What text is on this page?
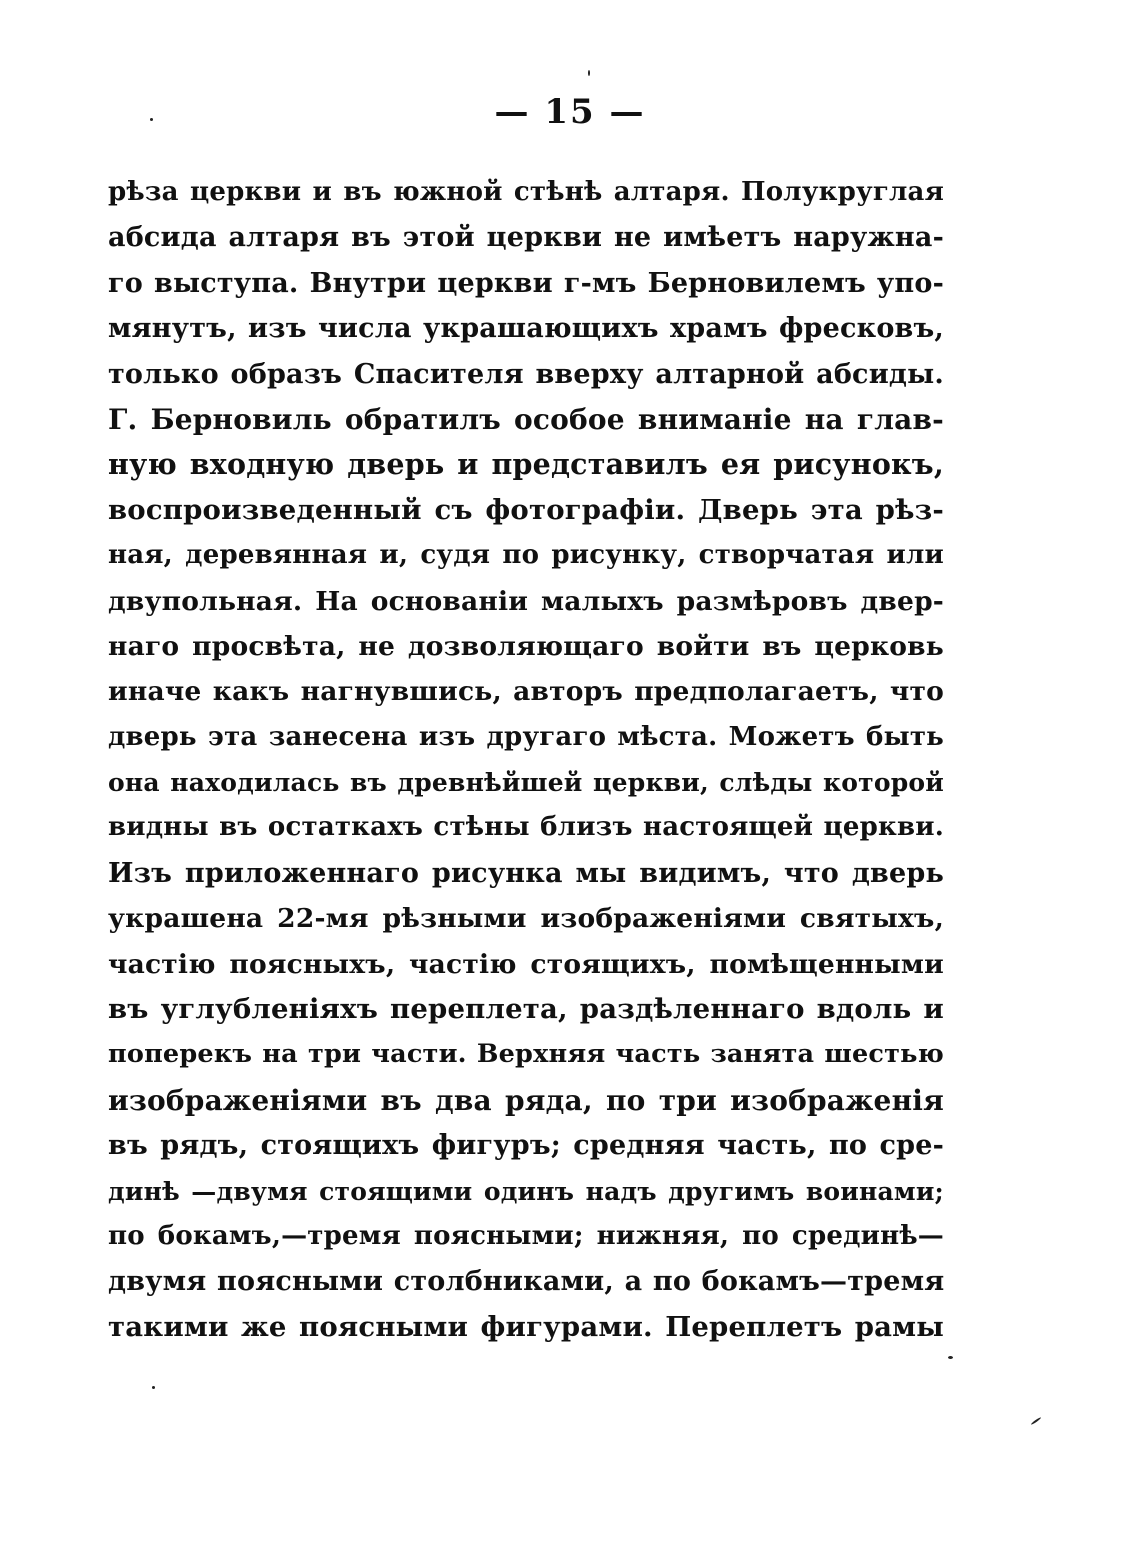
— 15 —
рѣза церкви и въ южной стѣнѣ алтаря. Полукруглая
абсида алтаря въ этой церкви не имѣетъ наружна-
го выступа. Внутри церкви г-мъ Берновилемъ упо-
мянутъ, изъ числа украшающихъ храмъ фресковъ,
только образъ Спасителя вверху алтарной абсиды.
Г. Берновиль обратилъ особое вниманіе на глав-
ную входную дверь и представилъ ея рисунокъ,
воспроизведенный съ фотографіи. Дверь эта рѣз-
ная, деревянная и, судя по рисунку, створчатая или
двупольная. На основаніи малыхъ размѣровъ двер-
наго просвѣта, не дозволяющаго войти въ церковь
иначе какъ нагнувшись, авторъ предполагаетъ, что
дверь эта занесена изъ другаго мѣста. Можетъ быть
она находилась въ древнѣйшей церкви, слѣды которой
видны въ остаткахъ стѣны близъ настоящей церкви.
Изъ приложеннаго рисунка мы видимъ, что дверь
украшена 22-мя рѣзными изображеніями святыхъ,
частію поясныхъ, частію стоящихъ, помѣщенными
въ углубленіяхъ переплета, раздѣленнаго вдоль и
поперекъ на три части. Верхняя часть занята шестью
изображеніями въ два ряда, по три изображенія
въ рядъ, стоящихъ фигуръ; средняя часть, по сре-
динѣ —двумя стоящими одинъ надъ другимъ воинами;
по бокамъ,—тремя поясными; нижняя, по срединѣ—
двумя поясными столбниками, а по бокамъ—тремя
такими же поясными фигурами. Переплетъ рамы
